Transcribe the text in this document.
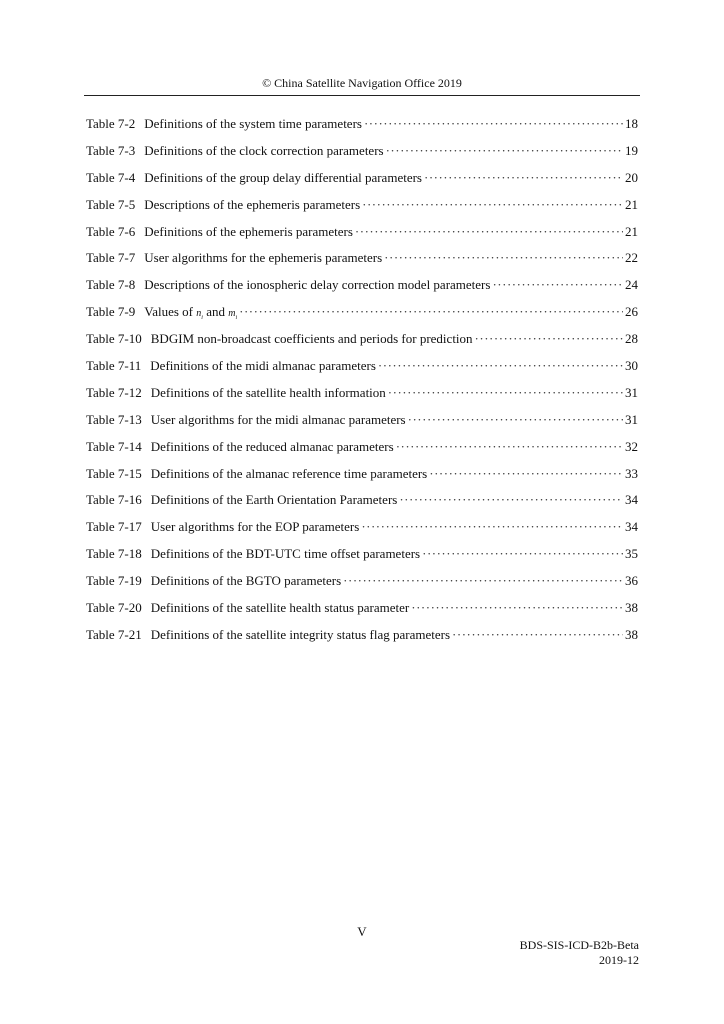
© China Satellite Navigation Office 2019
Table 7-2 Definitions of the system time parameters ·····	18
Table 7-3 Definitions of the clock correction parameters ·····	19
Table 7-4 Definitions of the group delay differential parameters ·····	20
Table 7-5 Descriptions of the ephemeris parameters ·····	21
Table 7-6 Definitions of the ephemeris parameters ·····	21
Table 7-7 User algorithms for the ephemeris parameters ·····	22
Table 7-8 Descriptions of the ionospheric delay correction model parameters ·····	24
Table 7-9 Values of $n_i$ and $m_i$ ·····	26
Table 7-10 BDGIM non-broadcast coefficients and periods for prediction ·····	28
Table 7-11 Definitions of the midi almanac parameters ·····	30
Table 7-12 Definitions of the satellite health information ·····	31
Table 7-13 User algorithms for the midi almanac parameters ·····	31
Table 7-14 Definitions of the reduced almanac parameters ·····	32
Table 7-15 Definitions of the almanac reference time parameters ·····	33
Table 7-16 Definitions of the Earth Orientation Parameters ·····	34
Table 7-17 User algorithms for the EOP parameters ·····	34
Table 7-18 Definitions of the BDT-UTC time offset parameters ·····	35
Table 7-19 Definitions of the BGTO parameters ·····	36
Table 7-20 Definitions of the satellite health status parameter ·····	38
Table 7-21 Definitions of the satellite integrity status flag parameters ·····	38
V
BDS-SIS-ICD-B2b-Beta
2019-12
